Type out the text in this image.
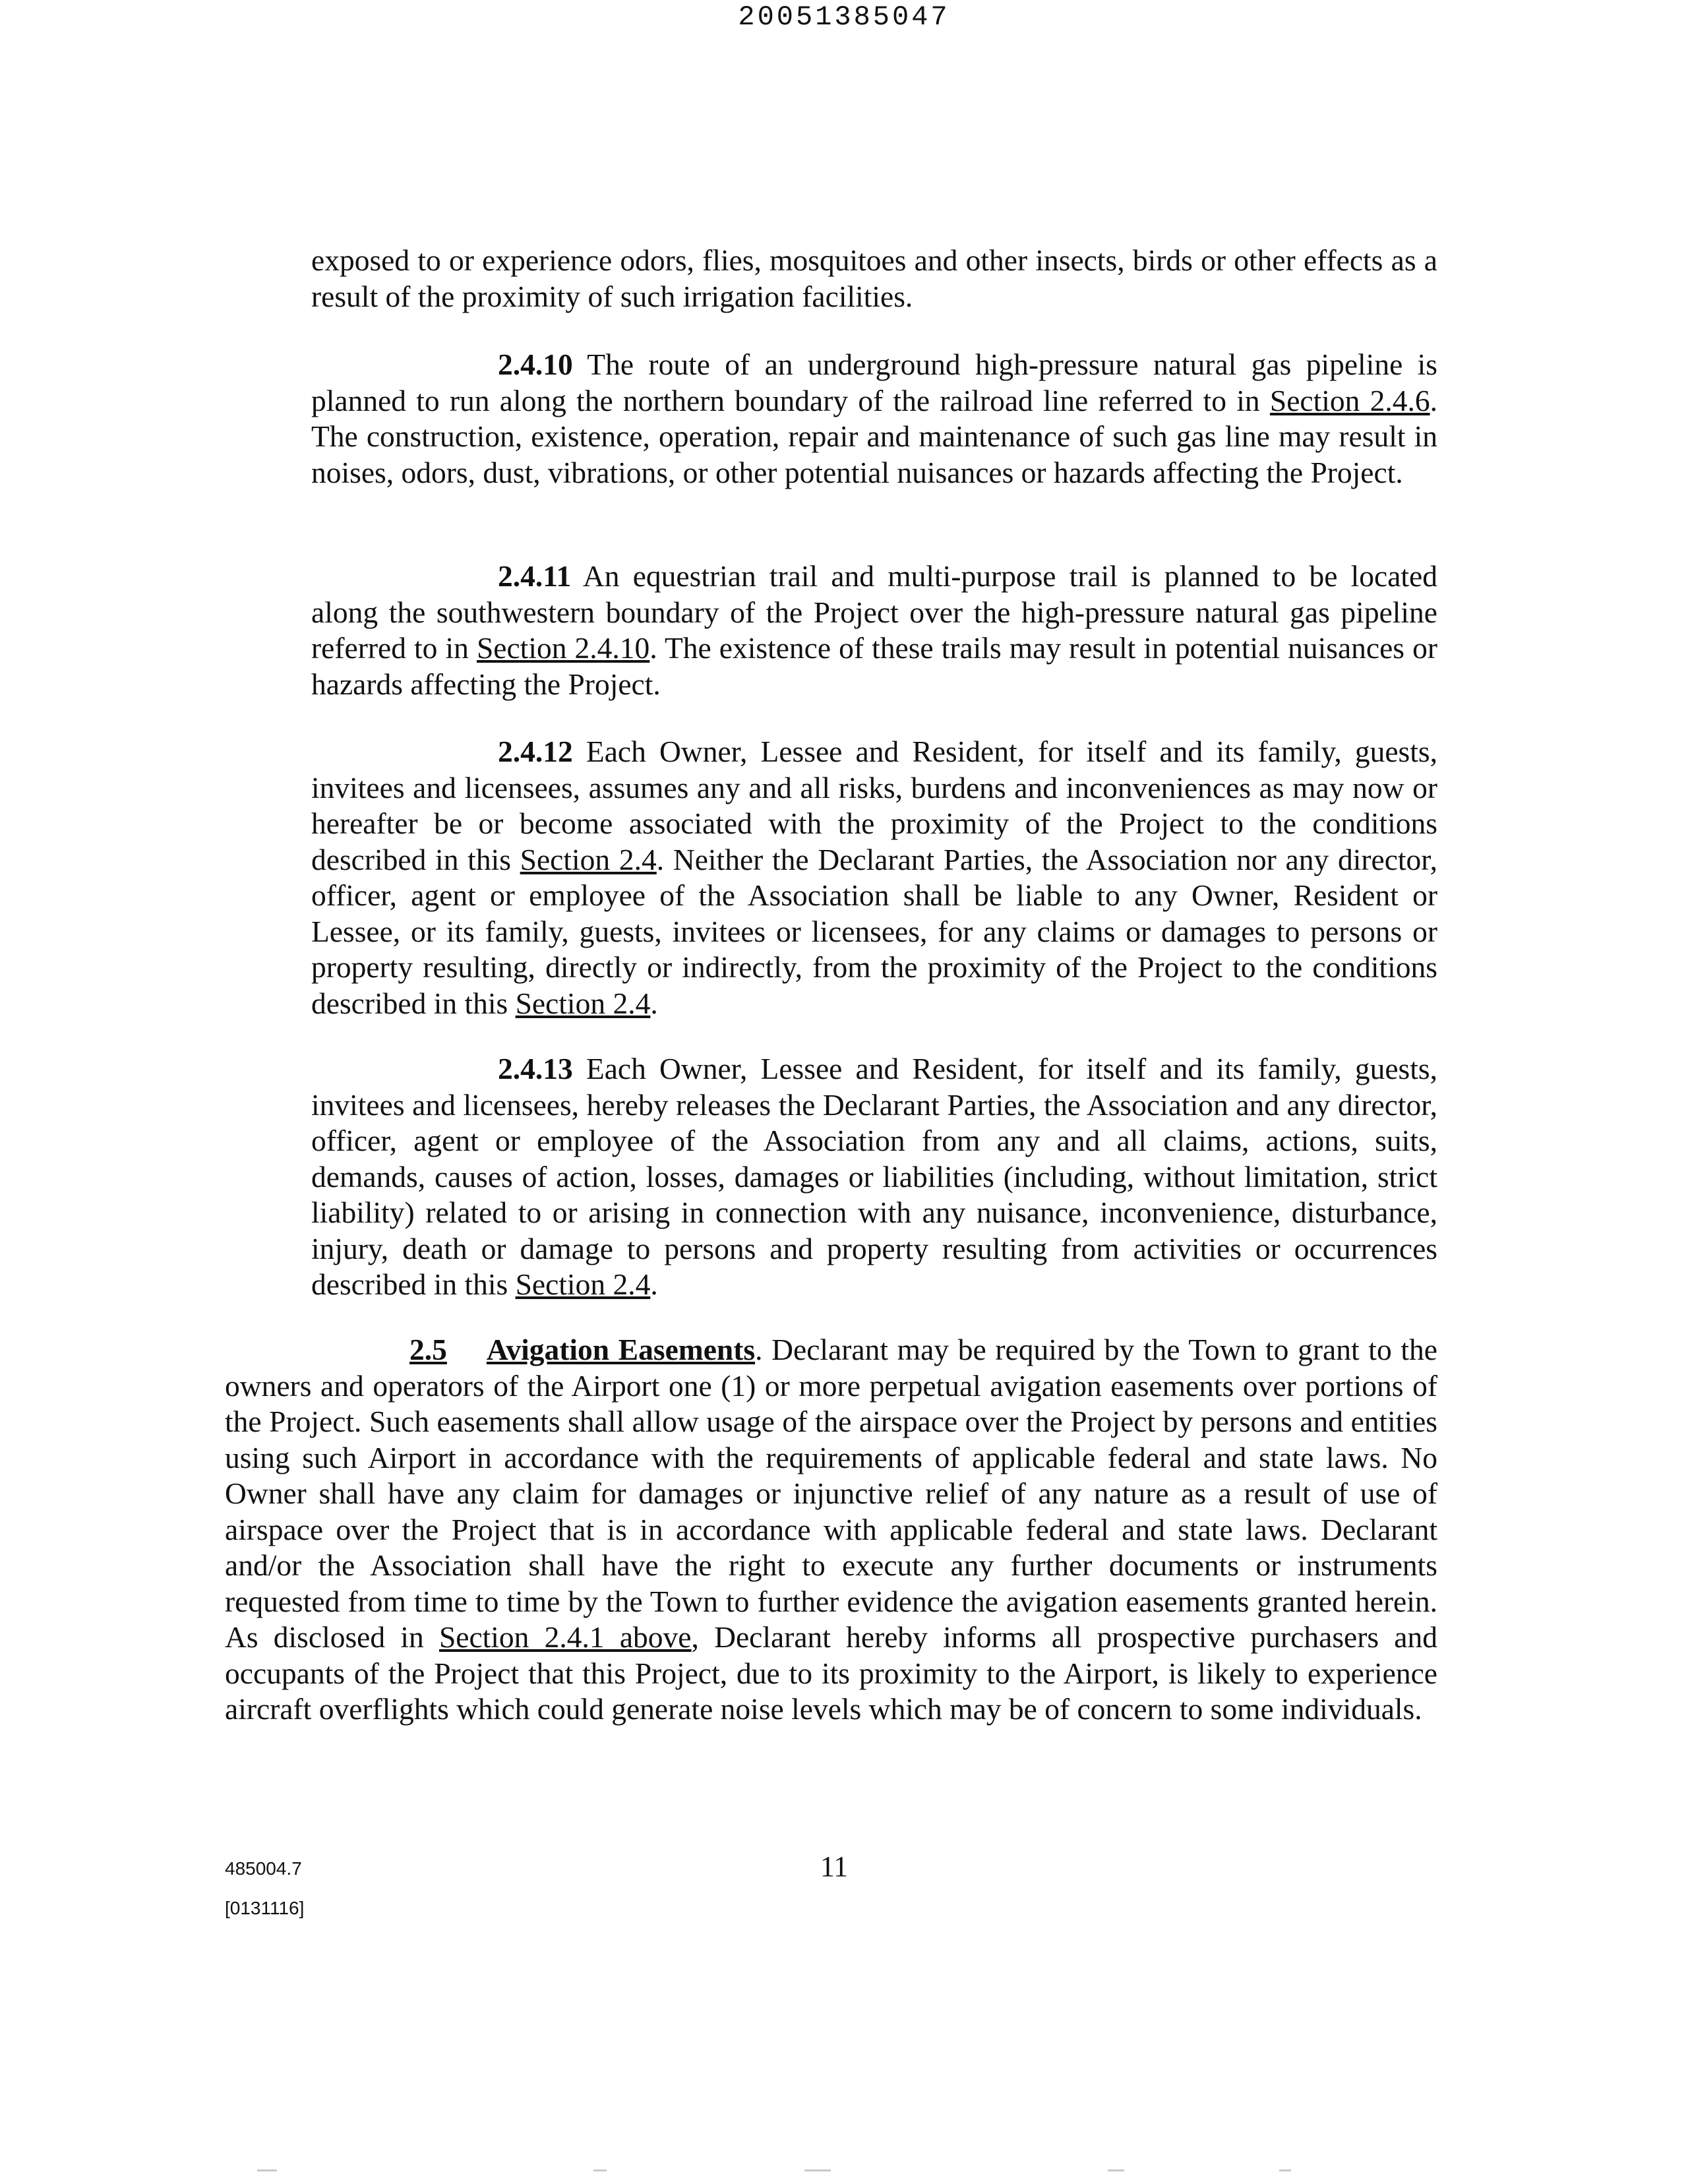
20051385047

exposed to or experience odors, flies, mosquitoes and other insects, birds or other effects as a result of the proximity of such irrigation facilities.

2.4.10 The route of an underground high-pressure natural gas pipeline is planned to run along the northern boundary of the railroad line referred to in Section 2.4.6. The construction, existence, operation, repair and maintenance of such gas line may result in noises, odors, dust, vibrations, or other potential nuisances or hazards affecting the Project.

2.4.11 An equestrian trail and multi-purpose trail is planned to be located along the southwestern boundary of the Project over the high-pressure natural gas pipeline referred to in Section 2.4.10. The existence of these trails may result in potential nuisances or hazards affecting the Project.

2.4.12 Each Owner, Lessee and Resident, for itself and its family, guests, invitees and licensees, assumes any and all risks, burdens and inconveniences as may now or hereafter be or become associated with the proximity of the Project to the conditions described in this Section 2.4. Neither the Declarant Parties, the Association nor any director, officer, agent or employee of the Association shall be liable to any Owner, Resident or Lessee, or its family, guests, invitees or licensees, for any claims or damages to persons or property resulting, directly or indirectly, from the proximity of the Project to the conditions described in this Section 2.4.

2.4.13 Each Owner, Lessee and Resident, for itself and its family, guests, invitees and licensees, hereby releases the Declarant Parties, the Association and any director, officer, agent or employee of the Association from any and all claims, actions, suits, demands, causes of action, losses, damages or liabilities (including, without limitation, strict liability) related to or arising in connection with any nuisance, inconvenience, disturbance, injury, death or damage to persons and property resulting from activities or occurrences described in this Section 2.4.

2.5 Avigation Easements. Declarant may be required by the Town to grant to the owners and operators of the Airport one (1) or more perpetual avigation easements over portions of the Project. Such easements shall allow usage of the airspace over the Project by persons and entities using such Airport in accordance with the requirements of applicable federal and state laws. No Owner shall have any claim for damages or injunctive relief of any nature as a result of use of airspace over the Project that is in accordance with applicable federal and state laws. Declarant and/or the Association shall have the right to execute any further documents or instruments requested from time to time by the Town to further evidence the avigation easements granted herein. As disclosed in Section 2.4.1 above, Declarant hereby informs all prospective purchasers and occupants of the Project that this Project, due to its proximity to the Airport, is likely to experience aircraft overflights which could generate noise levels which may be of concern to some individuals.

485004.7	11
[0131116]
